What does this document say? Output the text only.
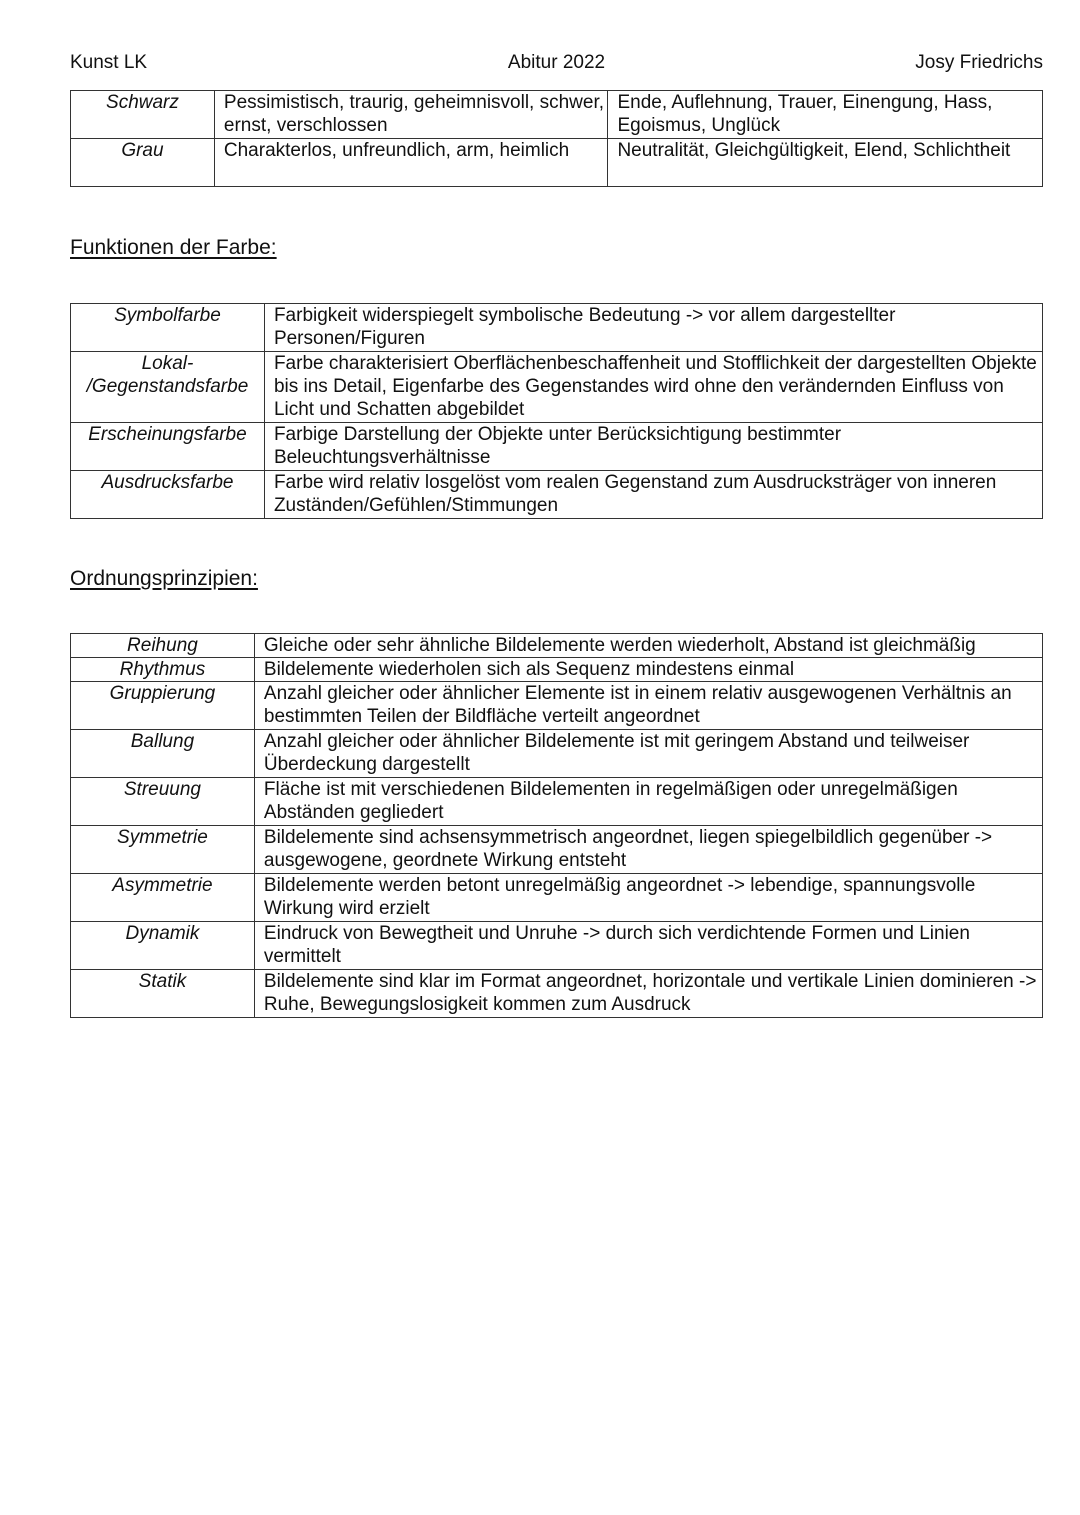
Kunst LK	Abitur 2022	Josy Friedrichs
Schwarz	Pessimistisch, traurig, geheimnisvoll, schwer, ernst, verschlossen	Ende, Auflehnung, Trauer, Einengung, Hass, Egoismus, Unglück
Grau	Charakterlos, unfreundlich, arm, heimlich	Neutralität, Gleichgültigkeit, Elend, Schlichtheit
Funktionen der Farbe:
Symbolfarbe	Farbigkeit widerspiegelt symbolische Bedeutung -> vor allem dargestellter Personen/Figuren
Lokal- /Gegenstandsfarbe	Farbe charakterisiert Oberflächenbeschaffenheit und Stofflichkeit der dargestellten Objekte bis ins Detail, Eigenfarbe des Gegenstandes wird ohne den verändernden Einfluss von Licht und Schatten abgebildet
Erscheinungsfarbe	Farbige Darstellung der Objekte unter Berücksichtigung bestimmter Beleuchtungsverhältnisse
Ausdrucksfarbe	Farbe wird relativ losgelöst vom realen Gegenstand zum Ausdrucksträger von inneren Zuständen/Gefühlen/Stimmungen
Ordnungsprinzipien:
Reihung	Gleiche oder sehr ähnliche Bildelemente werden wiederholt, Abstand ist gleichmäßig
Rhythmus	Bildelemente wiederholen sich als Sequenz mindestens einmal
Gruppierung	Anzahl gleicher oder ähnlicher Elemente ist in einem relativ ausgewogenen Verhältnis an bestimmten Teilen der Bildfläche verteilt angeordnet
Ballung	Anzahl gleicher oder ähnlicher Bildelemente ist mit geringem Abstand und teilweiser Überdeckung dargestellt
Streuung	Fläche ist mit verschiedenen Bildelementen in regelmäßigen oder unregelmäßigen Abständen gegliedert
Symmetrie	Bildelemente sind achsensymmetrisch angeordnet, liegen spiegelbildlich gegenüber -> ausgewogene, geordnete Wirkung entsteht
Asymmetrie	Bildelemente werden betont unregelmäßig angeordnet -> lebendige, spannungsvolle Wirkung wird erzielt
Dynamik	Eindruck von Bewegtheit und Unruhe -> durch sich verdichtende Formen und Linien vermittelt
Statik	Bildelemente sind klar im Format angeordnet, horizontale und vertikale Linien dominieren -> Ruhe, Bewegungslosigkeit kommen zum Ausdruck
